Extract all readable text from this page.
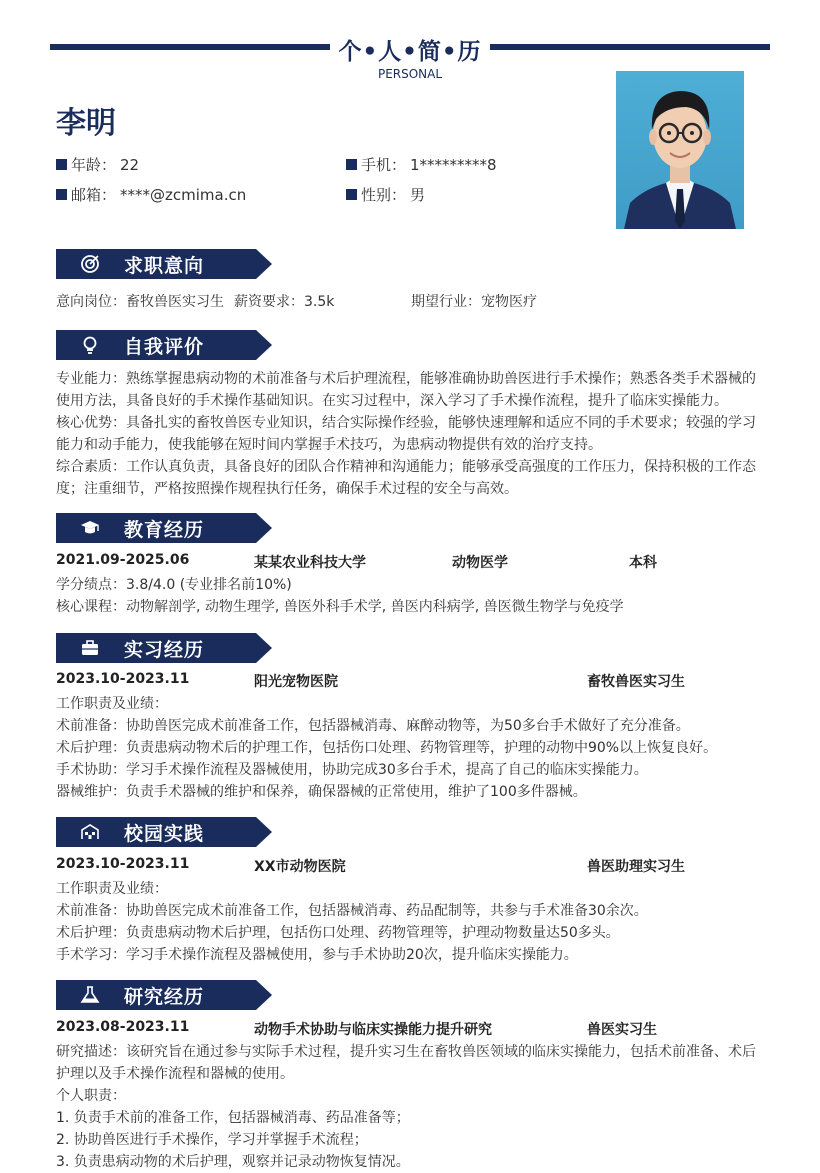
个•人•简•历
PERSONAL
李明
年龄： 22	手机： 1*********8
邮箱： ****@zcmima.cn	性别： 男
求职意向
意向岗位：畜牧兽医实习生 薪资要求：3.5k	期望行业：宠物医疗
自我评价
专业能力：熟练掌握患病动物的术前准备与术后护理流程，能够准确协助兽医进行手术操作；熟悉各类手术器械的
使用方法，具备良好的手术操作基础知识。在实习过程中，深入学习了手术操作流程，提升了临床实操能力。
核心优势：具备扎实的畜牧兽医专业知识，结合实际操作经验，能够快速理解和适应不同的手术要求；较强的学习
能力和动手能力，使我能够在短时间内掌握手术技巧，为患病动物提供有效的治疗支持。
综合素质：工作认真负责，具备良好的团队合作精神和沟通能力；能够承受高强度的工作压力，保持积极的工作态
度；注重细节，严格按照操作规程执行任务，确保手术过程的安全与高效。
教育经历
2021.09-2025.06	某某农业科技大学	动物医学	本科
学分绩点：3.8/4.0 (专业排名前10%)
核心课程：动物解剖学, 动物生理学, 兽医外科手术学, 兽医内科病学, 兽医微生物学与免疫学
实习经历
2023.10-2023.11	阳光宠物医院	畜牧兽医实习生
工作职责及业绩：
术前准备：协助兽医完成术前准备工作，包括器械消毒、麻醉动物等，为50多台手术做好了充分准备。
术后护理：负责患病动物术后的护理工作，包括伤口处理、药物管理等，护理的动物中90%以上恢复良好。
手术协助：学习手术操作流程及器械使用，协助完成30多台手术，提高了自己的临床实操能力。
器械维护：负责手术器械的维护和保养，确保器械的正常使用，维护了100多件器械。
校园实践
2023.10-2023.11	XX市动物医院	兽医助理实习生
工作职责及业绩：
术前准备：协助兽医完成术前准备工作，包括器械消毒、药品配制等，共参与手术准备30余次。
术后护理：负责患病动物术后护理，包括伤口处理、药物管理等，护理动物数量达50多头。
手术学习：学习手术操作流程及器械使用，参与手术协助20次，提升临床实操能力。
研究经历
2023.08-2023.11	动物手术协助与临床实操能力提升研究	兽医实习生
研究描述：该研究旨在通过参与实际手术过程，提升实习生在畜牧兽医领域的临床实操能力，包括术前准备、术后
护理以及手术操作流程和器械的使用。
个人职责：
1. 负责手术前的准备工作，包括器械消毒、药品准备等；
2. 协助兽医进行手术操作，学习并掌握手术流程；
3. 负责患病动物的术后护理，观察并记录动物恢复情况。
